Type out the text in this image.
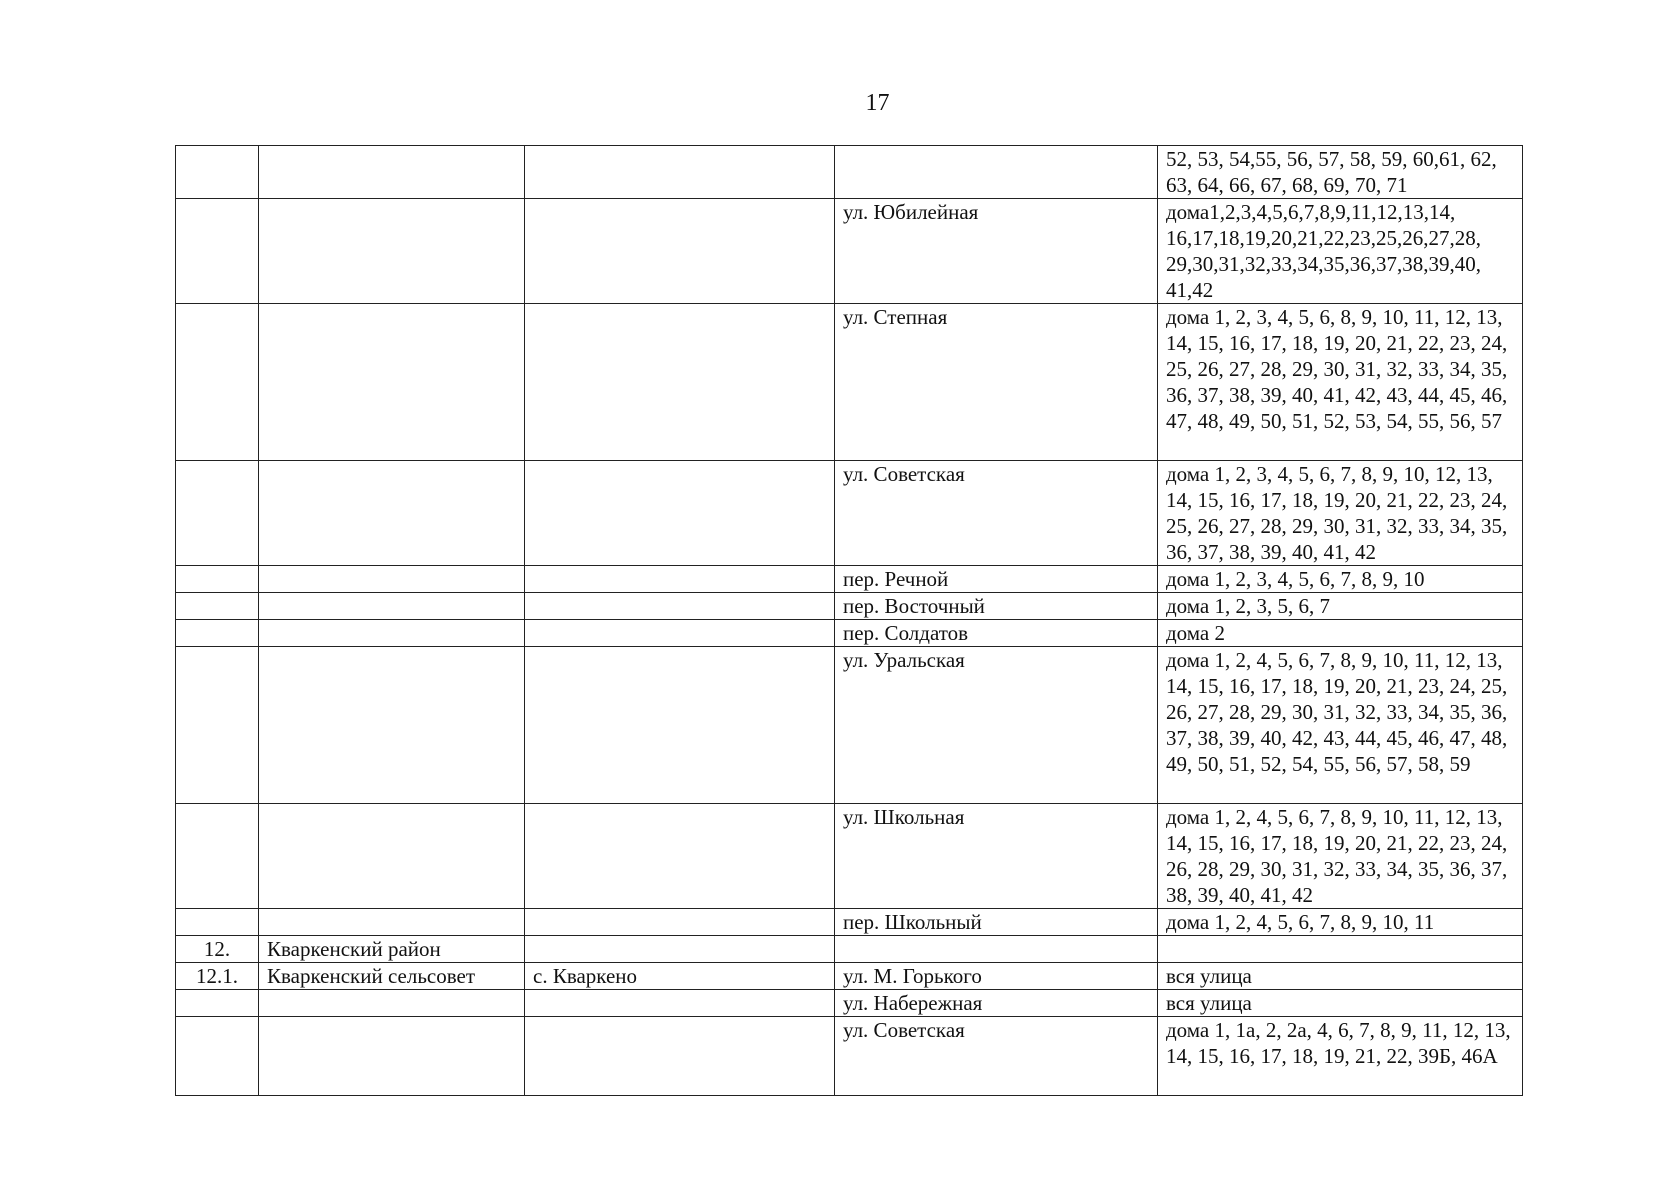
17
				52, 53, 54,55, 56, 57, 58, 59, 60,61, 62, 63, 64, 66, 67, 68, 69, 70, 71
			ул. Юбилейная	дома1,2,3,4,5,6,7,8,9,11,12,13,14, 16,17,18,19,20,21,22,23,25,26,27,28, 29,30,31,32,33,34,35,36,37,38,39,40, 41,42
			ул. Степная	дома 1, 2, 3, 4, 5, 6, 8, 9, 10, 11, 12, 13, 14, 15, 16, 17, 18, 19, 20, 21, 22, 23, 24, 25, 26, 27, 28, 29, 30, 31, 32, 33, 34, 35, 36, 37, 38, 39, 40, 41, 42, 43, 44, 45, 46, 47, 48, 49, 50, 51, 52, 53, 54, 55, 56, 57
			ул. Советская	дома 1, 2, 3, 4, 5, 6, 7, 8, 9, 10, 12, 13, 14, 15, 16, 17, 18, 19, 20, 21, 22, 23, 24, 25, 26, 27, 28, 29, 30, 31, 32, 33, 34, 35, 36, 37, 38, 39, 40, 41, 42
			пер. Речной	дома 1, 2, 3, 4, 5, 6, 7, 8, 9, 10
			пер. Восточный	дома 1, 2, 3, 5, 6, 7
			пер. Солдатов	дома 2
			ул. Уральская	дома 1, 2, 4, 5, 6, 7, 8, 9, 10, 11, 12, 13, 14, 15, 16, 17, 18, 19, 20, 21, 23, 24, 25, 26, 27, 28, 29, 30, 31, 32, 33, 34, 35, 36, 37, 38, 39, 40, 42, 43, 44, 45, 46, 47, 48, 49, 50, 51, 52, 54, 55, 56, 57, 58, 59
			ул. Школьная	дома 1, 2, 4, 5, 6, 7, 8, 9, 10, 11, 12, 13, 14, 15, 16, 17, 18, 19, 20, 21, 22, 23, 24, 26, 28, 29, 30, 31, 32, 33, 34, 35, 36, 37, 38, 39, 40, 41, 42
			пер. Школьный	дома 1, 2, 4, 5, 6, 7, 8, 9, 10, 11
12.	Кваркенский район			
12.1.	Кваркенский сельсовет	с. Кваркено	ул. М. Горького	вся улица
			ул. Набережная	вся улица
			ул. Советская	дома 1, 1а, 2, 2а, 4, 6, 7, 8, 9, 11, 12, 13, 14, 15, 16, 17, 18, 19, 21, 22, 39Б, 46А
